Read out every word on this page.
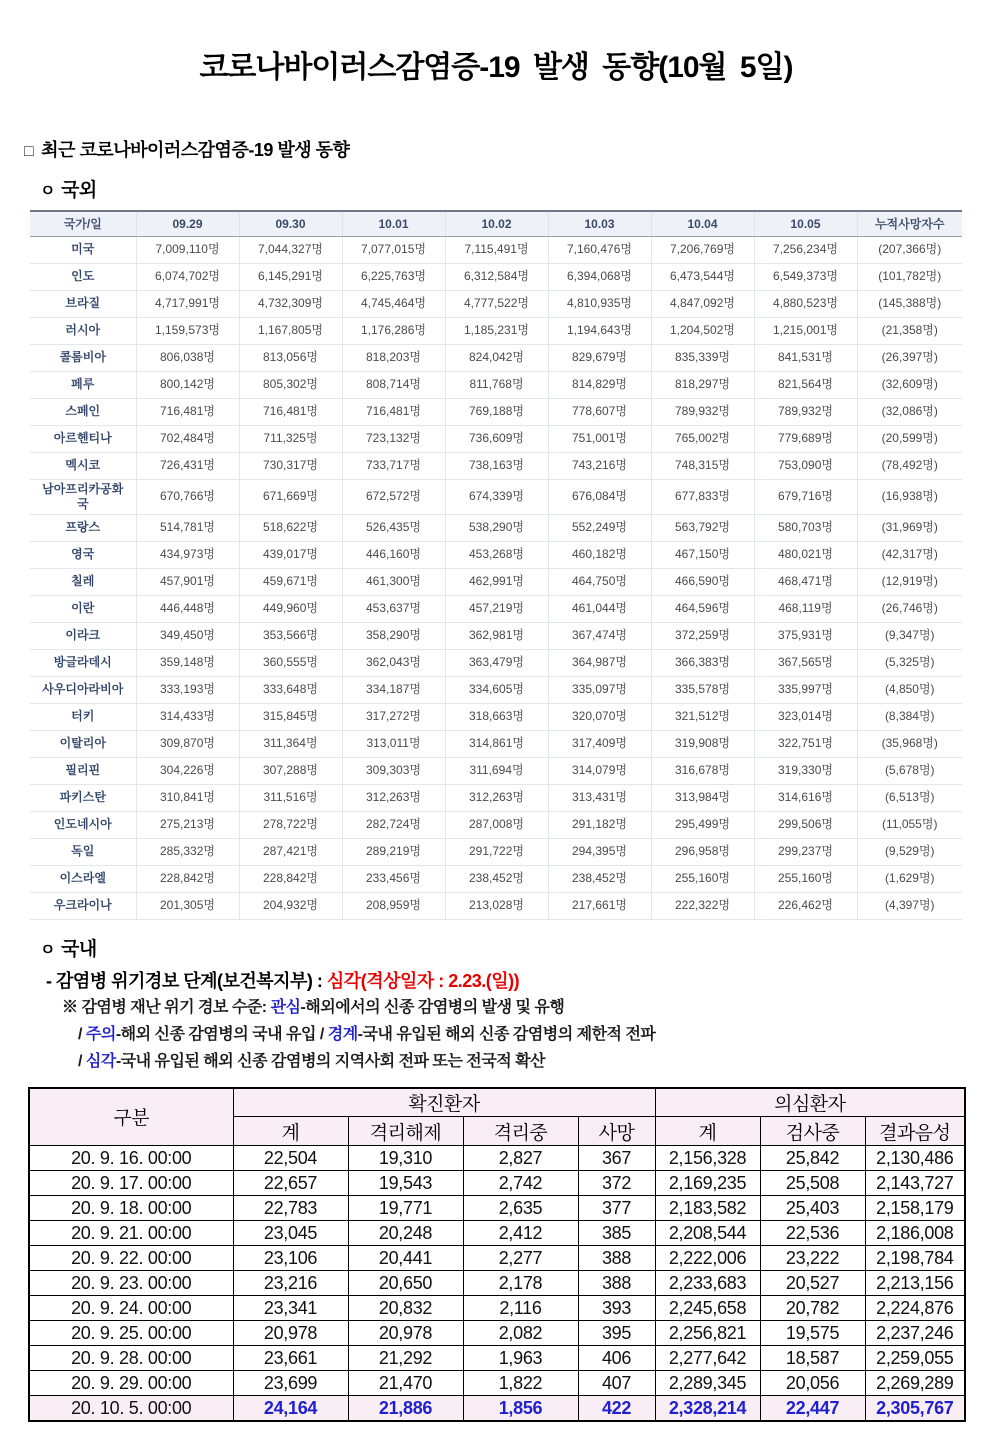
코로나바이러스감염증-19 발생 동향(10월 5일)
□ 최근 코로나바이러스감염증-19 발생 동향
ㅇ 국외
국가/일	09.29	09.30	10.01	10.02	10.03	10.04	10.05	누적사망자수
미국	7,009,110명	7,044,327명	7,077,015명	7,115,491명	7,160,476명	7,206,769명	7,256,234명	(207,366명)
인도	6,074,702명	6,145,291명	6,225,763명	6,312,584명	6,394,068명	6,473,544명	6,549,373명	(101,782명)
브라질	4,717,991명	4,732,309명	4,745,464명	4,777,522명	4,810,935명	4,847,092명	4,880,523명	(145,388명)
러시아	1,159,573명	1,167,805명	1,176,286명	1,185,231명	1,194,643명	1,204,502명	1,215,001명	(21,358명)
콜롬비아	806,038명	813,056명	818,203명	824,042명	829,679명	835,339명	841,531명	(26,397명)
페루	800,142명	805,302명	808,714명	811,768명	814,829명	818,297명	821,564명	(32,609명)
스페인	716,481명	716,481명	716,481명	769,188명	778,607명	789,932명	789,932명	(32,086명)
아르헨티나	702,484명	711,325명	723,132명	736,609명	751,001명	765,002명	779,689명	(20,599명)
멕시코	726,431명	730,317명	733,717명	738,163명	743,216명	748,315명	753,090명	(78,492명)
남아프리카공화국	670,766명	671,669명	672,572명	674,339명	676,084명	677,833명	679,716명	(16,938명)
프랑스	514,781명	518,622명	526,435명	538,290명	552,249명	563,792명	580,703명	(31,969명)
영국	434,973명	439,017명	446,160명	453,268명	460,182명	467,150명	480,021명	(42,317명)
칠레	457,901명	459,671명	461,300명	462,991명	464,750명	466,590명	468,471명	(12,919명)
이란	446,448명	449,960명	453,637명	457,219명	461,044명	464,596명	468,119명	(26,746명)
이라크	349,450명	353,566명	358,290명	362,981명	367,474명	372,259명	375,931명	(9,347명)
방글라데시	359,148명	360,555명	362,043명	363,479명	364,987명	366,383명	367,565명	(5,325명)
사우디아라비아	333,193명	333,648명	334,187명	334,605명	335,097명	335,578명	335,997명	(4,850명)
터키	314,433명	315,845명	317,272명	318,663명	320,070명	321,512명	323,014명	(8,384명)
이탈리아	309,870명	311,364명	313,011명	314,861명	317,409명	319,908명	322,751명	(35,968명)
필리핀	304,226명	307,288명	309,303명	311,694명	314,079명	316,678명	319,330명	(5,678명)
파키스탄	310,841명	311,516명	312,263명	312,263명	313,431명	313,984명	314,616명	(6,513명)
인도네시아	275,213명	278,722명	282,724명	287,008명	291,182명	295,499명	299,506명	(11,055명)
독일	285,332명	287,421명	289,219명	291,722명	294,395명	296,958명	299,237명	(9,529명)
이스라엘	228,842명	228,842명	233,456명	238,452명	238,452명	255,160명	255,160명	(1,629명)
우크라이나	201,305명	204,932명	208,959명	213,028명	217,661명	222,322명	226,462명	(4,397명)
ㅇ 국내
- 감염병 위기경보 단계(보건복지부) : 심각(격상일자 : 2.23.(일))
※ 감염병 재난 위기 경보 수준: 관심-해외에서의 신종 감염병의 발생 및 유행
/ 주의-해외 신종 감염병의 국내 유입 / 경계-국내 유입된 해외 신종 감염병의 제한적 전파
/ 심각-국내 유입된 해외 신종 감염병의 지역사회 전파 또는 전국적 확산
구분	확진환자				의심환자		
	계	격리해제	격리중	사망	계	검사중	결과음성
20. 9. 16. 00:00	22,504	19,310	2,827	367	2,156,328	25,842	2,130,486
20. 9. 17. 00:00	22,657	19,543	2,742	372	2,169,235	25,508	2,143,727
20. 9. 18. 00:00	22,783	19,771	2,635	377	2,183,582	25,403	2,158,179
20. 9. 21. 00:00	23,045	20,248	2,412	385	2,208,544	22,536	2,186,008
20. 9. 22. 00:00	23,106	20,441	2,277	388	2,222,006	23,222	2,198,784
20. 9. 23. 00:00	23,216	20,650	2,178	388	2,233,683	20,527	2,213,156
20. 9. 24. 00:00	23,341	20,832	2,116	393	2,245,658	20,782	2,224,876
20. 9. 25. 00:00	20,978	20,978	2,082	395	2,256,821	19,575	2,237,246
20. 9. 28. 00:00	23,661	21,292	1,963	406	2,277,642	18,587	2,259,055
20. 9. 29. 00:00	23,699	21,470	1,822	407	2,289,345	20,056	2,269,289
20. 10. 5. 00:00	24,164	21,886	1,856	422	2,328,214	22,447	2,305,767
